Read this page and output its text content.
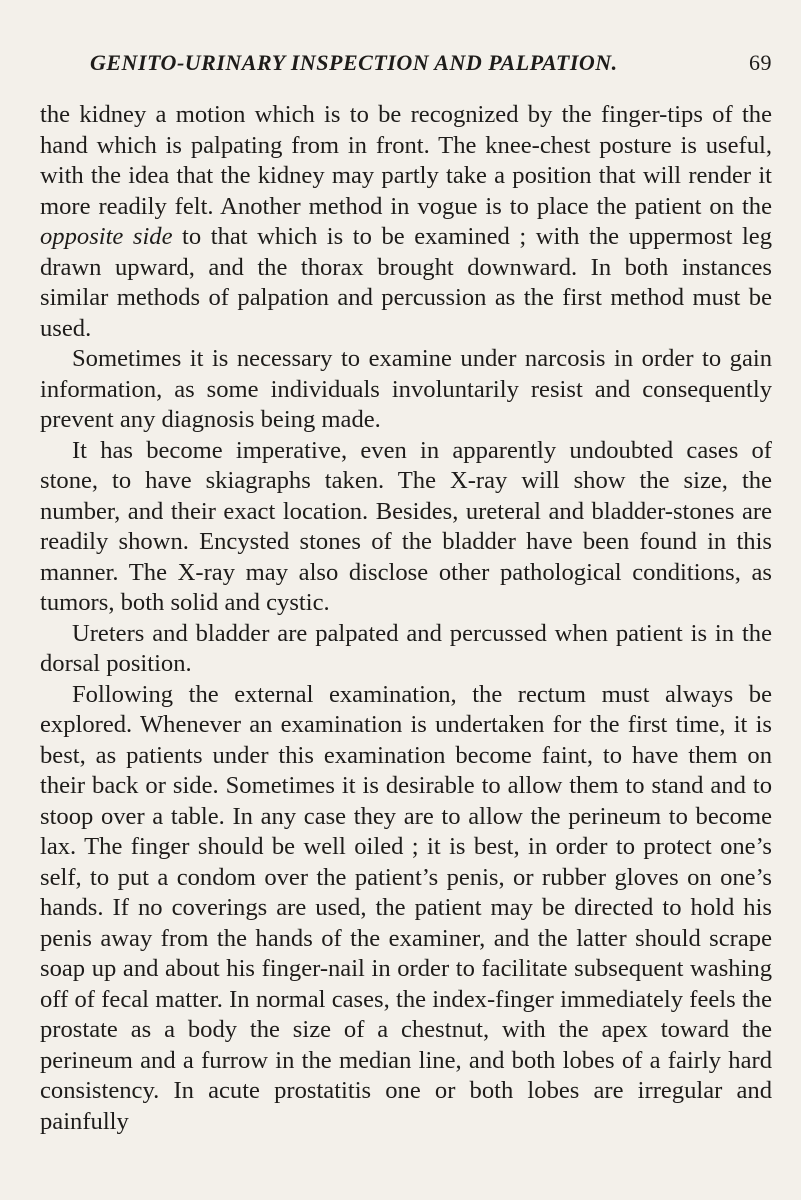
GENITO-URINARY INSPECTION AND PALPATION.	69

the kidney a motion which is to be recognized by the finger-tips of the hand which is palpating from in front. The knee-chest posture is useful, with the idea that the kidney may partly take a position that will render it more readily felt. Another method in vogue is to place the patient on the opposite side to that which is to be examined ; with the uppermost leg drawn upward, and the thorax brought downward. In both instances similar methods of palpation and percussion as the first method must be used.

Sometimes it is necessary to examine under narcosis in order to gain information, as some individuals involuntarily resist and consequently prevent any diagnosis being made.

It has become imperative, even in apparently undoubted cases of stone, to have skiagraphs taken. The X-ray will show the size, the number, and their exact location. Besides, ureteral and bladder-stones are readily shown. Encysted stones of the bladder have been found in this manner. The X-ray may also disclose other pathological conditions, as tumors, both solid and cystic.

Ureters and bladder are palpated and percussed when patient is in the dorsal position.

Following the external examination, the rectum must always be explored. Whenever an examination is undertaken for the first time, it is best, as patients under this examination become faint, to have them on their back or side. Sometimes it is desirable to allow them to stand and to stoop over a table. In any case they are to allow the perineum to become lax. The finger should be well oiled ; it is best, in order to protect one’s self, to put a condom over the patient’s penis, or rubber gloves on one’s hands. If no coverings are used, the patient may be directed to hold his penis away from the hands of the examiner, and the latter should scrape soap up and about his finger-nail in order to facilitate subsequent washing off of fecal matter. In normal cases, the index-finger immediately feels the prostate as a body the size of a chestnut, with the apex toward the perineum and a furrow in the median line, and both lobes of a fairly hard consistency. In acute prostatitis one or both lobes are irregular and painfully
